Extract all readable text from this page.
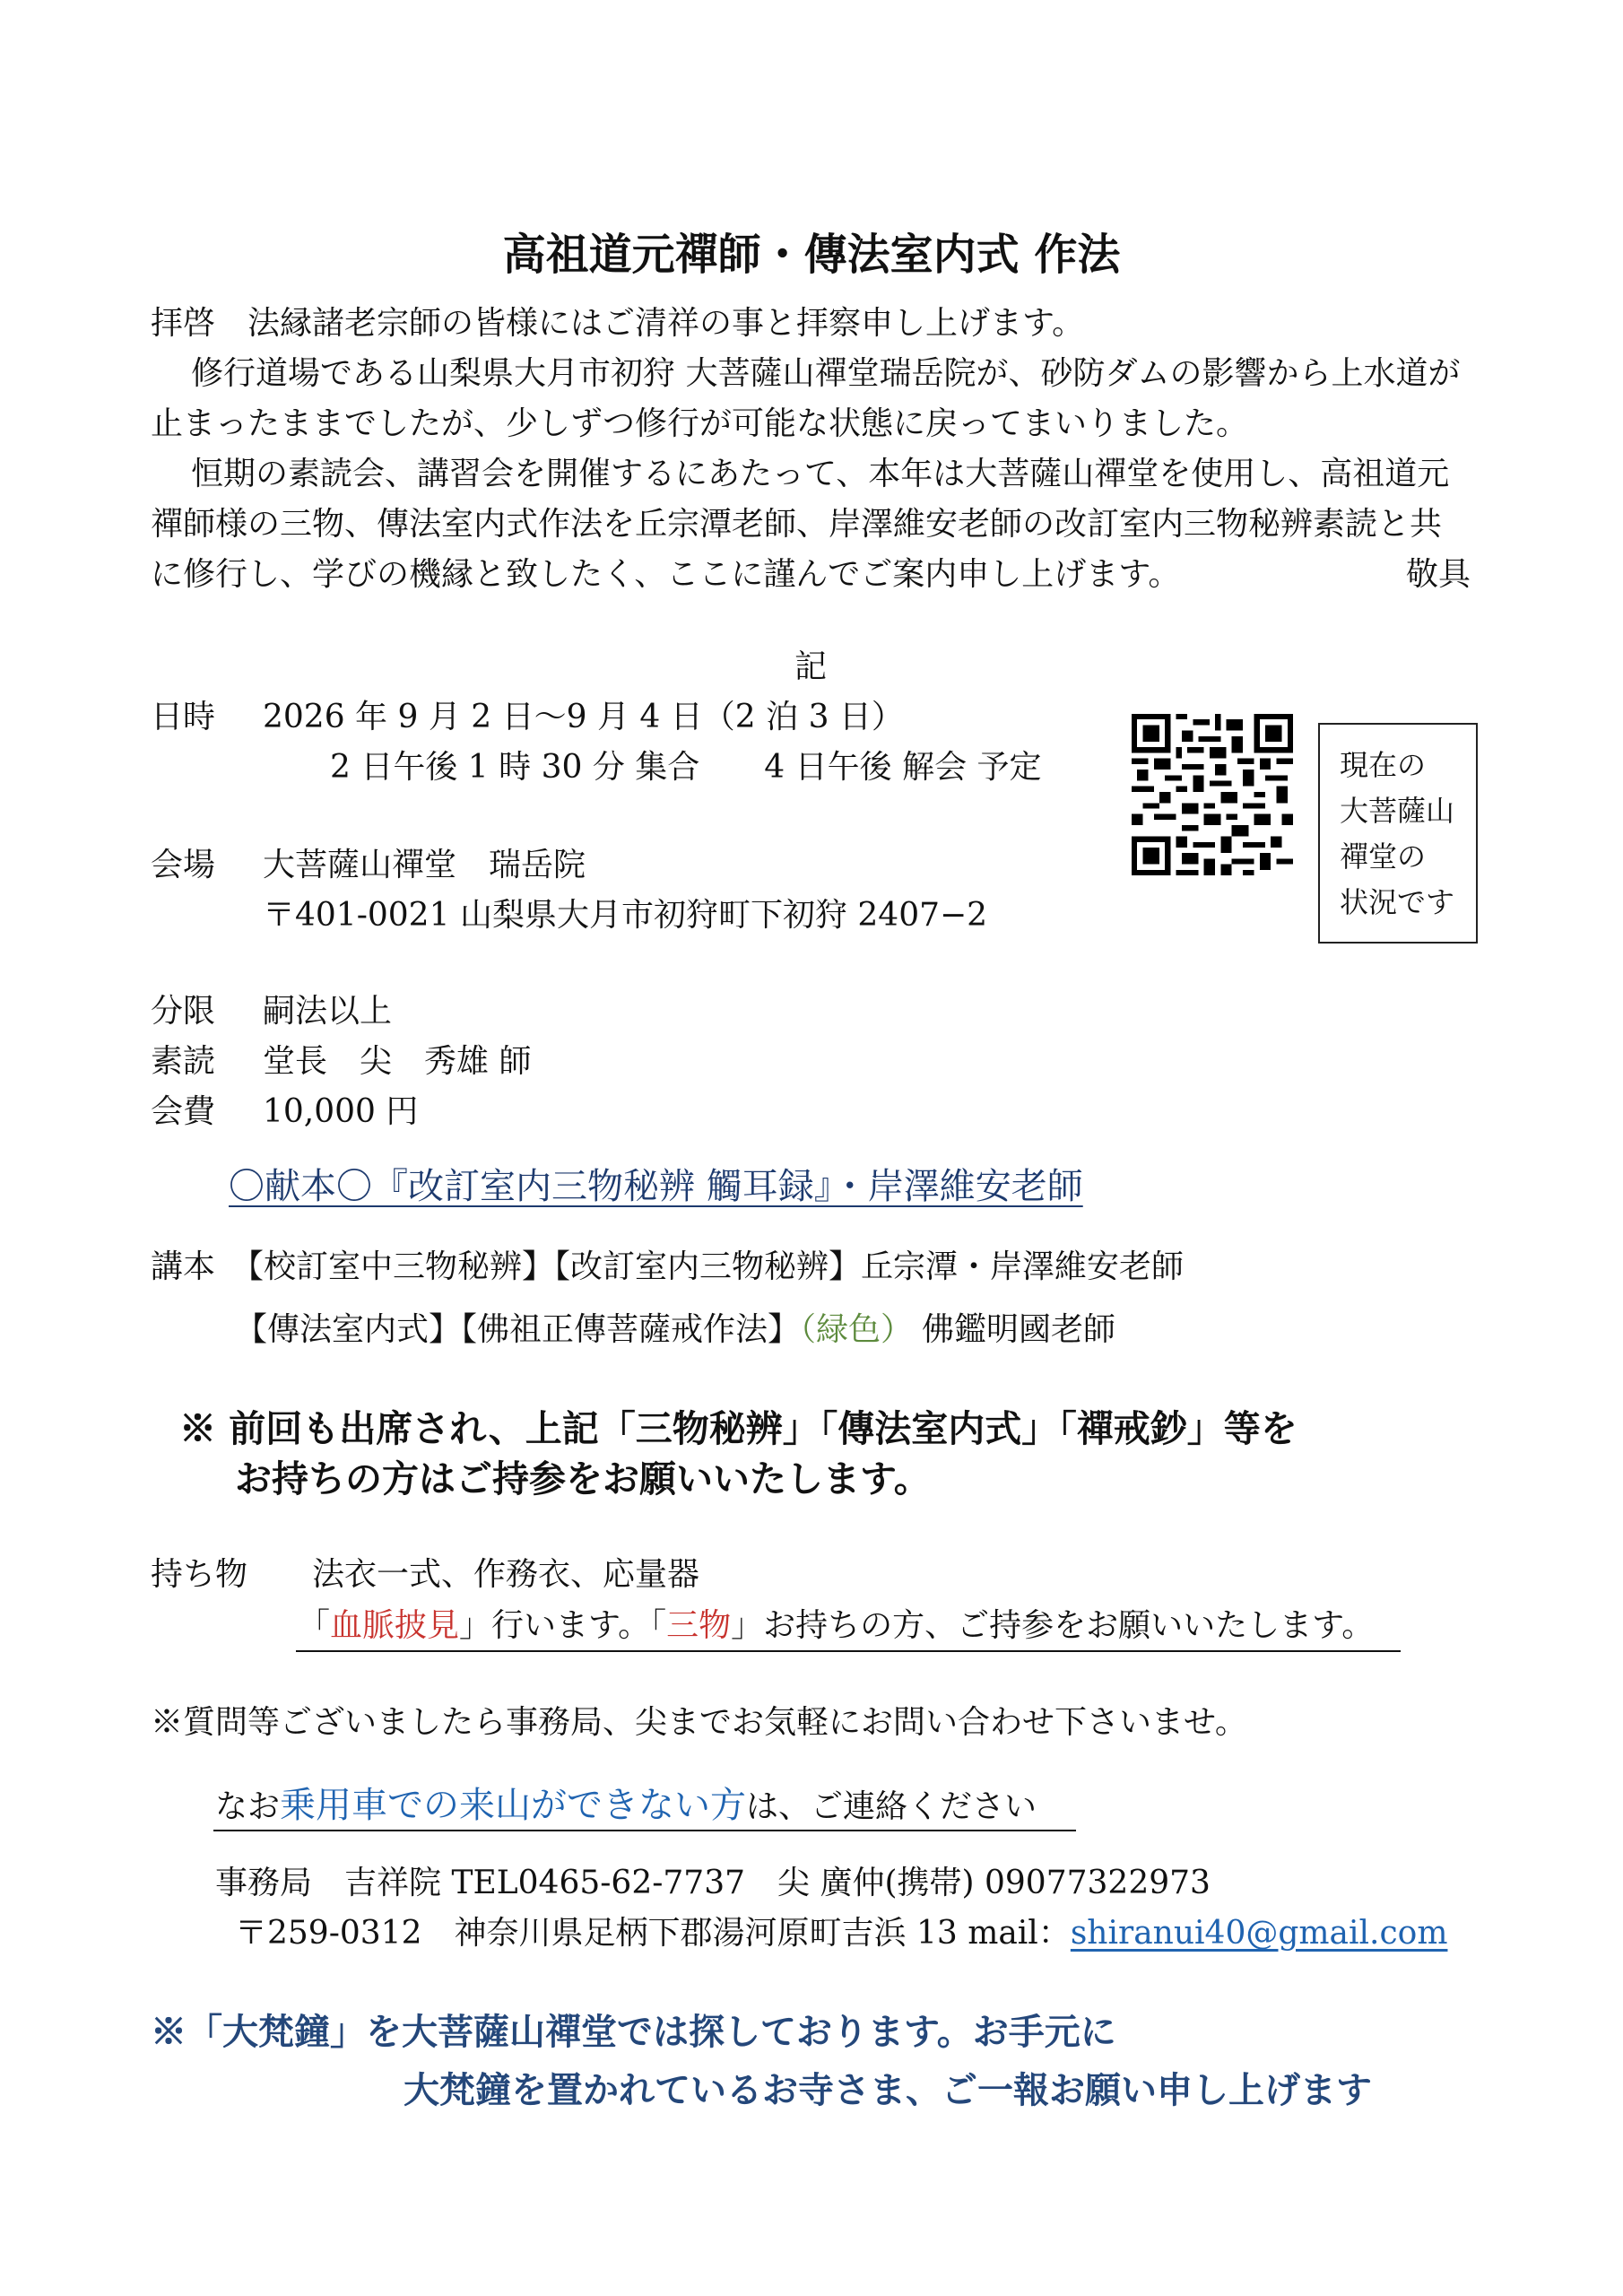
高祖道元禪師・傳法室内式 作法
拝啓　法縁諸老宗師の皆様にはご清祥の事と拝察申し上げます。
修行道場である山梨県大月市初狩 大菩薩山禪堂瑞岳院が、砂防ダムの影響から上水道が
止まったままでしたが、少しずつ修行が可能な状態に戻ってまいりました。
恒期の素読会、講習会を開催するにあたって、本年は大菩薩山禪堂を使用し、高祖道元
禪師様の三物、傳法室内式作法を丘宗潭老師、岸澤維安老師の改訂室内三物秘辨素読と共
に修行し、学びの機縁と致したく、ここに謹んでご案内申し上げます。	敬具
記
日時 2026 年 9 月 2 日〜9 月 4 日（2 泊 3 日）
2 日午後 1 時 30 分 集合　　4 日午後 解会 予定
会場 大菩薩山禪堂　瑞岳院
〒401-0021 山梨県大月市初狩町下初狩 2407−2
分限 嗣法以上
素読 堂長　尖　秀雄 師
会費 10,000 円
現在の
大菩薩山
禪堂の
状況です
〇献本〇『改訂室内三物秘辨 觸耳録』・岸澤維安老師
講本 【校訂室中三物秘辨】【改訂室内三物秘辨】丘宗潭・岸澤維安老師
【傳法室内式】【佛祖正傳菩薩戒作法】（緑色） 佛鑑明國老師
※ 前回も出席され、上記「三物秘辨」「傳法室内式」「禪戒鈔」等を
お持ちの方はご持参をお願いいたします。
持ち物 法衣一式、作務衣、応量器
「血脈披見」行います。「三物」お持ちの方、ご持参をお願いいたします。
※質問等ございましたら事務局、尖までお気軽にお問い合わせ下さいませ。
なお乗用車での来山ができない方は、ご連絡ください
事務局　吉祥院 TEL0465-62-7737　尖 廣仲(携帯) 09077322973
〒259-0312　神奈川県足柄下郡湯河原町吉浜 13 mail：shiranui40@gmail.com
※「大梵鐘」を大菩薩山禪堂では探しております。お手元に
大梵鐘を置かれているお寺さま、ご一報お願い申し上げます
